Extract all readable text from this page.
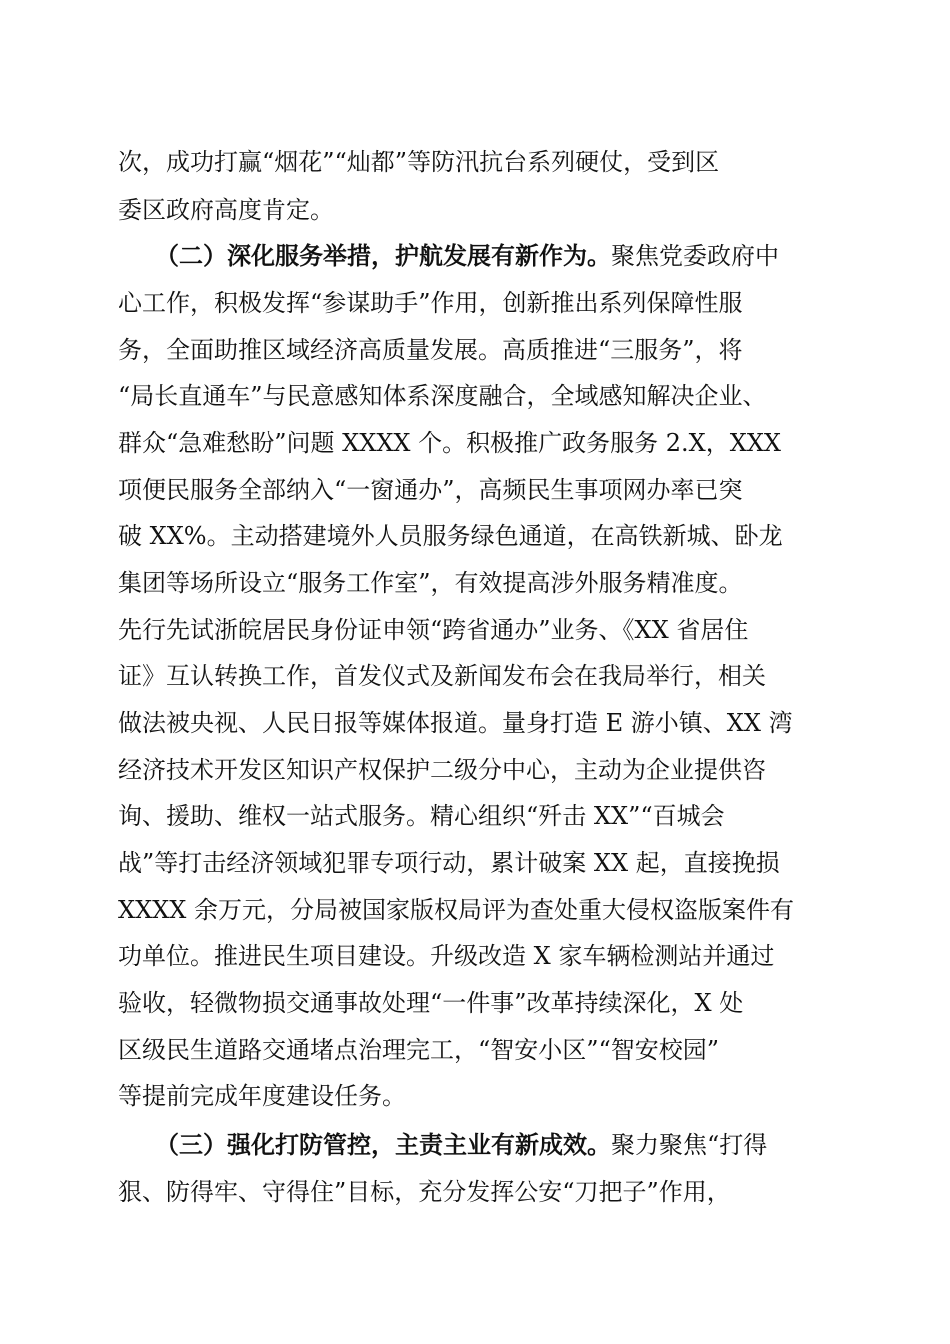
次，成功打赢“烟花”“灿都”等防汛抗台系列硬仗，受到区
委区政府高度肯定。
（二）深化服务举措，护航发展有新作为。聚焦党委政府中
心工作，积极发挥“参谋助手”作用，创新推出系列保障性服
务，全面助推区域经济高质量发展。高质推进“三服务”，将
“局长直通车”与民意感知体系深度融合，全域感知解决企业、
群众“急难愁盼”问题 XXXX 个。积极推广政务服务 2.X，XXX
项便民服务全部纳入“一窗通办”，高频民生事项网办率已突
破 XX%。主动搭建境外人员服务绿色通道，在高铁新城、卧龙
集团等场所设立“服务工作室”，有效提高涉外服务精准度。
先行先试浙皖居民身份证申领“跨省通办”业务、《XX 省居住
证》互认转换工作，首发仪式及新闻发布会在我局举行，相关
做法被央视、人民日报等媒体报道。量身打造 E 游小镇、XX 湾
经济技术开发区知识产权保护二级分中心，主动为企业提供咨
询、援助、维权一站式服务。精心组织“歼击 XX”“百城会
战”等打击经济领域犯罪专项行动，累计破案 XX 起，直接挽损
XXXX 余万元，分局被国家版权局评为查处重大侵权盗版案件有
功单位。推进民生项目建设。升级改造 X 家车辆检测站并通过
验收，轻微物损交通事故处理“一件事”改革持续深化，X 处
区级民生道路交通堵点治理完工，“智安小区”“智安校园”
等提前完成年度建设任务。
（三）强化打防管控，主责主业有新成效。聚力聚焦“打得
狠、防得牢、守得住”目标，充分发挥公安“刀把子”作用，
